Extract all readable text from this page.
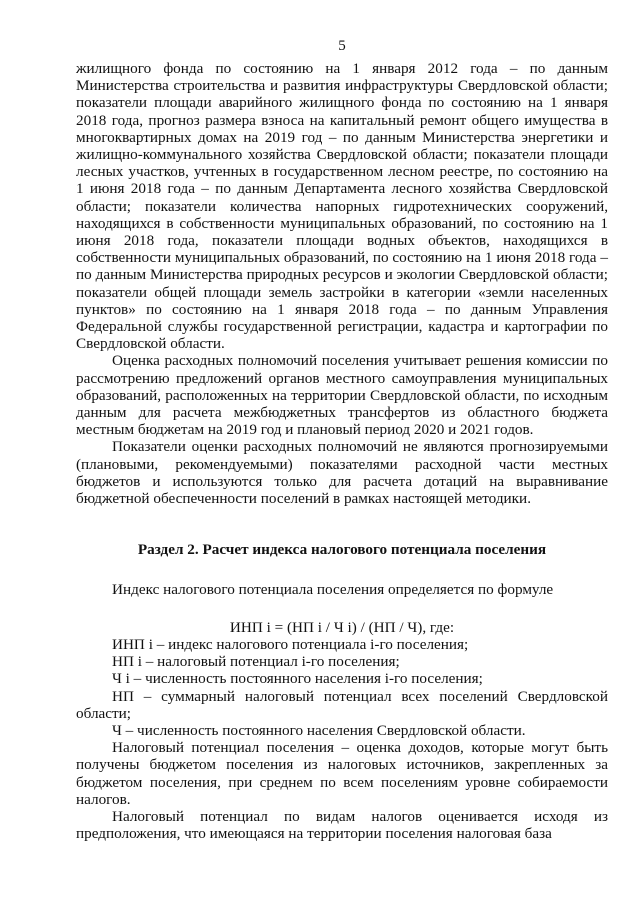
5

жилищного фонда по состоянию на 1 января 2012 года – по данным Министерства строительства и развития инфраструктуры Свердловской области; показатели площади аварийного жилищного фонда по состоянию на 1 января 2018 года, прогноз размера взноса на капитальный ремонт общего имущества в многоквартирных домах на 2019 год – по данным Министерства энергетики и жилищно-коммунального хозяйства Свердловской области; показатели площади лесных участков, учтенных в государственном лесном реестре, по состоянию на 1 июня 2018 года – по данным Департамента лесного хозяйства Свердловской области; показатели количества напорных гидротехнических сооружений, находящихся в собственности муниципальных образований, по состоянию на 1 июня 2018 года, показатели площади водных объектов, находящихся в собственности муниципальных образований, по состоянию на 1 июня 2018 года – по данным Министерства природных ресурсов и экологии Свердловской области; показатели общей площади земель застройки в категории «земли населенных пунктов» по состоянию на 1 января 2018 года – по данным Управления Федеральной службы государственной регистрации, кадастра и картографии по Свердловской области.

Оценка расходных полномочий поселения учитывает решения комиссии по рассмотрению предложений органов местного самоуправления муниципальных образований, расположенных на территории Свердловской области, по исходным данным для расчета межбюджетных трансфертов из областного бюджета местным бюджетам на 2019 год и плановый период 2020 и 2021 годов.

Показатели оценки расходных полномочий не являются прогнозируемыми (плановыми, рекомендуемыми) показателями расходной части местных бюджетов и используются только для расчета дотаций на выравнивание бюджетной обеспеченности поселений в рамках настоящей методики.

Раздел 2. Расчет индекса налогового потенциала поселения

Индекс налогового потенциала поселения определяется по формуле

ИНП i = (НП i / Ч i) / (НП / Ч), где:

ИНП i – индекс налогового потенциала i-го поселения;

НП i – налоговый потенциал i-го поселения;

Ч i – численность постоянного населения i-го поселения;

НП – суммарный налоговый потенциал всех поселений Свердловской области;

Ч – численность постоянного населения Свердловской области.

Налоговый потенциал поселения – оценка доходов, которые могут быть получены бюджетом поселения из налоговых источников, закрепленных за бюджетом поселения, при среднем по всем поселениям уровне собираемости налогов.

Налоговый потенциал по видам налогов оценивается исходя из предположения, что имеющаяся на территории поселения налоговая база
